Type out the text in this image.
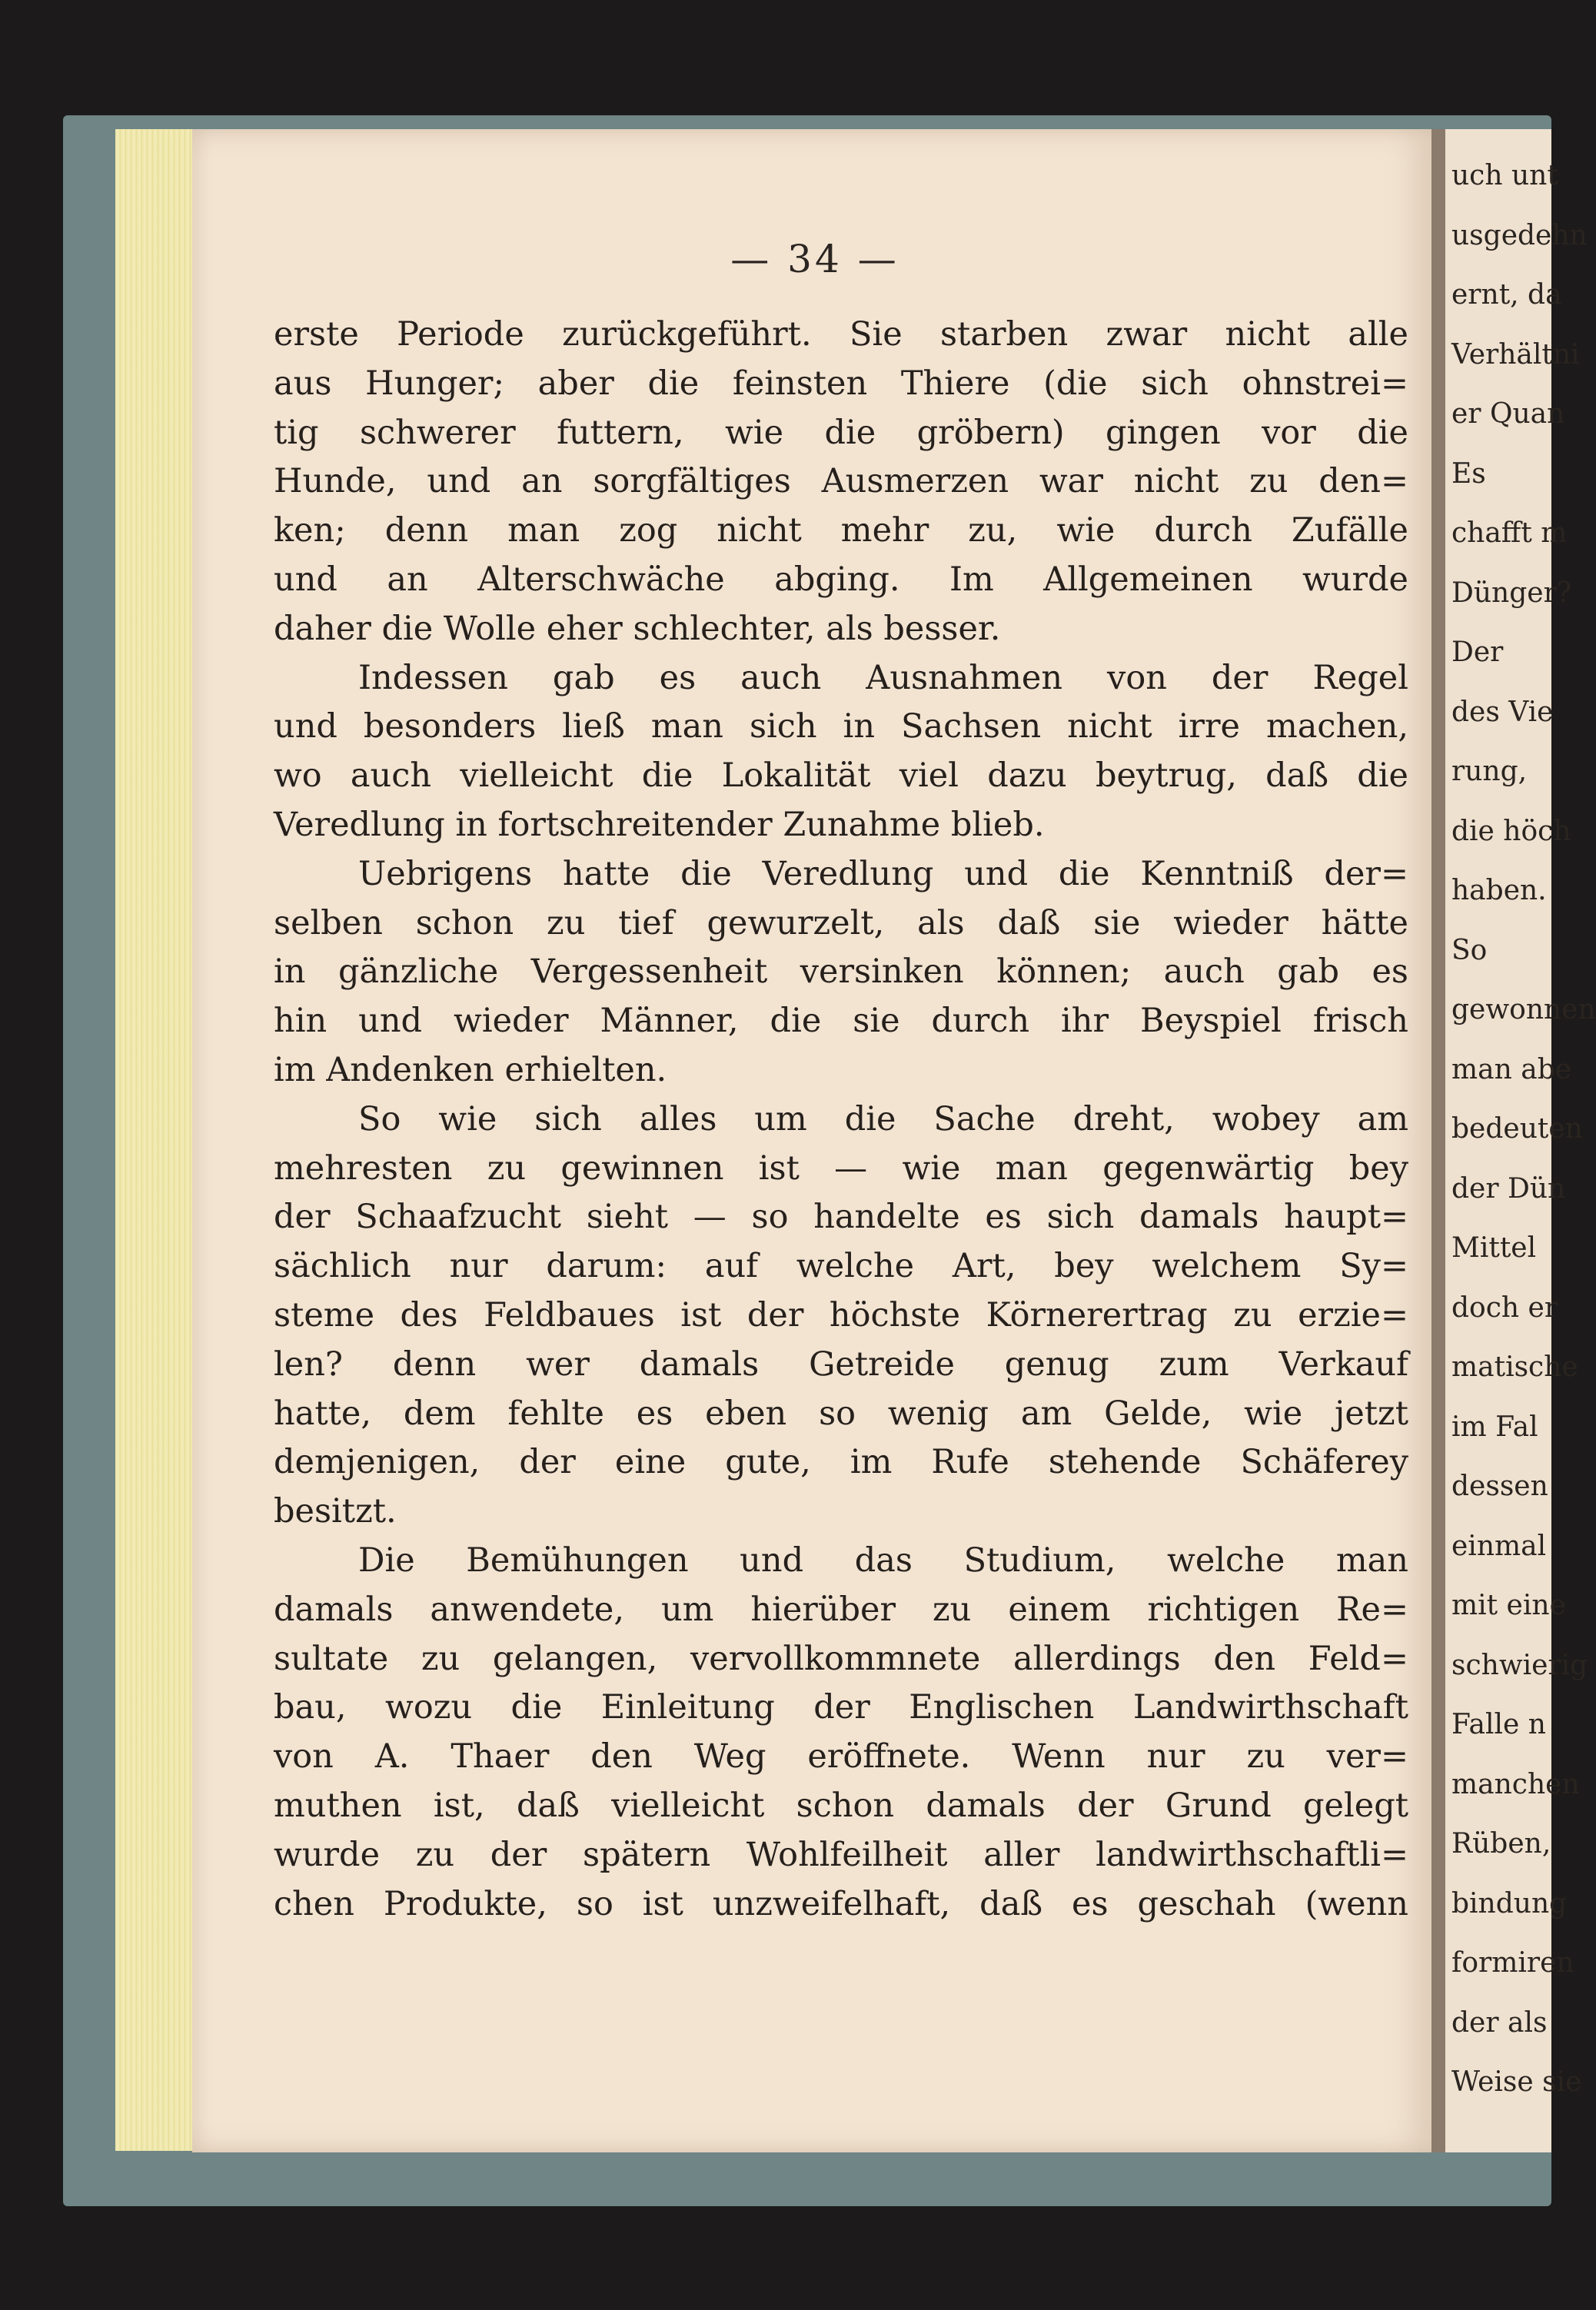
— 34 —
uch unt
usgedehn
ernt, da
Verhältni
er Quan
Es
chafft m
Dünger?
Der
des Vie
rung,
die höch
haben.
So
gewonnen
man abe
bedeuten
der Dün
Mittel
doch er
matische
im Fal
dessen
einmal
mit eine
schwierig
Falle n
manchen
Rüben,
bindung
formiren
der als
Weise sie
erste Periode zurückgeführt. Sie starben zwar nicht alle
aus Hunger; aber die feinsten Thiere (die sich ohnstrei=
tig schwerer futtern, wie die gröbern) gingen vor die
Hunde, und an sorgfältiges Ausmerzen war nicht zu den=
ken; denn man zog nicht mehr zu, wie durch Zufälle
und an Alterschwäche abging. Im Allgemeinen wurde
daher die Wolle eher schlechter, als besser.
Indessen gab es auch Ausnahmen von der Regel
und besonders ließ man sich in Sachsen nicht irre machen,
wo auch vielleicht die Lokalität viel dazu beytrug, daß die
Veredlung in fortschreitender Zunahme blieb.
Uebrigens hatte die Veredlung und die Kenntniß der=
selben schon zu tief gewurzelt, als daß sie wieder hätte
in gänzliche Vergessenheit versinken können; auch gab es
hin und wieder Männer, die sie durch ihr Beyspiel frisch
im Andenken erhielten.
So wie sich alles um die Sache dreht, wobey am
mehresten zu gewinnen ist — wie man gegenwärtig bey
der Schaafzucht sieht — so handelte es sich damals haupt=
sächlich nur darum: auf welche Art, bey welchem Sy=
steme des Feldbaues ist der höchste Körnerertrag zu erzie=
len? denn wer damals Getreide genug zum Verkauf
hatte, dem fehlte es eben so wenig am Gelde, wie jetzt
demjenigen, der eine gute, im Rufe stehende Schäferey
besitzt.
Die Bemühungen und das Studium, welche man
damals anwendete, um hierüber zu einem richtigen Re=
sultate zu gelangen, vervollkommnete allerdings den Feld=
bau, wozu die Einleitung der Englischen Landwirthschaft
von A. Thaer den Weg eröffnete. Wenn nur zu ver=
muthen ist, daß vielleicht schon damals der Grund gelegt
wurde zu der spätern Wohlfeilheit aller landwirthschaftli=
chen Produkte, so ist unzweifelhaft, daß es geschah (wenn
